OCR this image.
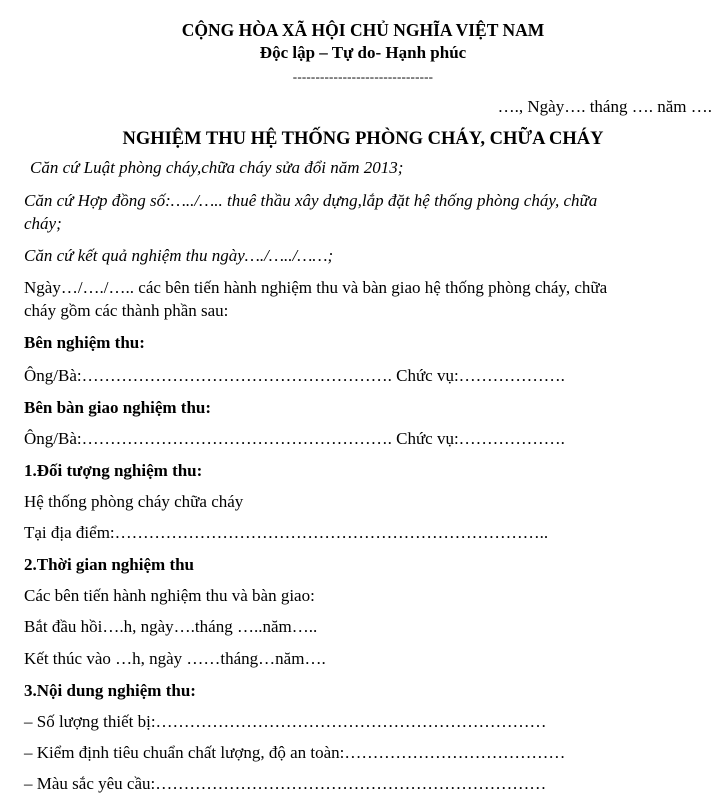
CỘNG HÒA XÃ HỘI CHỦ NGHĨA VIỆT NAM
Độc lập – Tự do- Hạnh phúc
-------------------------------
…., Ngày…. tháng …. năm ….
NGHIỆM THU HỆ THỐNG PHÒNG CHÁY, CHỮA CHÁY
Căn cứ Luật phòng cháy,chữa cháy sửa đổi năm 2013;
Căn cứ Hợp đồng số:…../….. thuê thầu xây dựng,lắp đặt hệ thống phòng cháy, chữa
cháy;
Căn cứ kết quả nghiệm thu ngày…./…../……;
Ngày…/…./….. các bên tiến hành nghiệm thu và bàn giao hệ thống phòng cháy, chữa
cháy gồm các thành phần sau:
Bên nghiệm thu:
Ông/Bà:………………………………………………. Chức vụ:……………….
Bên bàn giao nghiệm thu:
Ông/Bà:………………………………………………. Chức vụ:……………….
1.Đối tượng nghiệm thu:
Hệ thống phòng cháy chữa cháy
Tại địa điểm:…………………………………………………………………..
2.Thời gian nghiệm thu
Các bên tiến hành nghiệm thu và bàn giao:
Bắt đầu hồi….h, ngày….tháng …..năm…..
Kết thúc vào …h, ngày ……tháng…năm….
3.Nội dung nghiệm thu:
– Số lượng thiết bị:……………………………………………………………
– Kiểm định tiêu chuẩn chất lượng, độ an toàn:…………………………………
– Màu sắc yêu cầu:……………………………………………………………
